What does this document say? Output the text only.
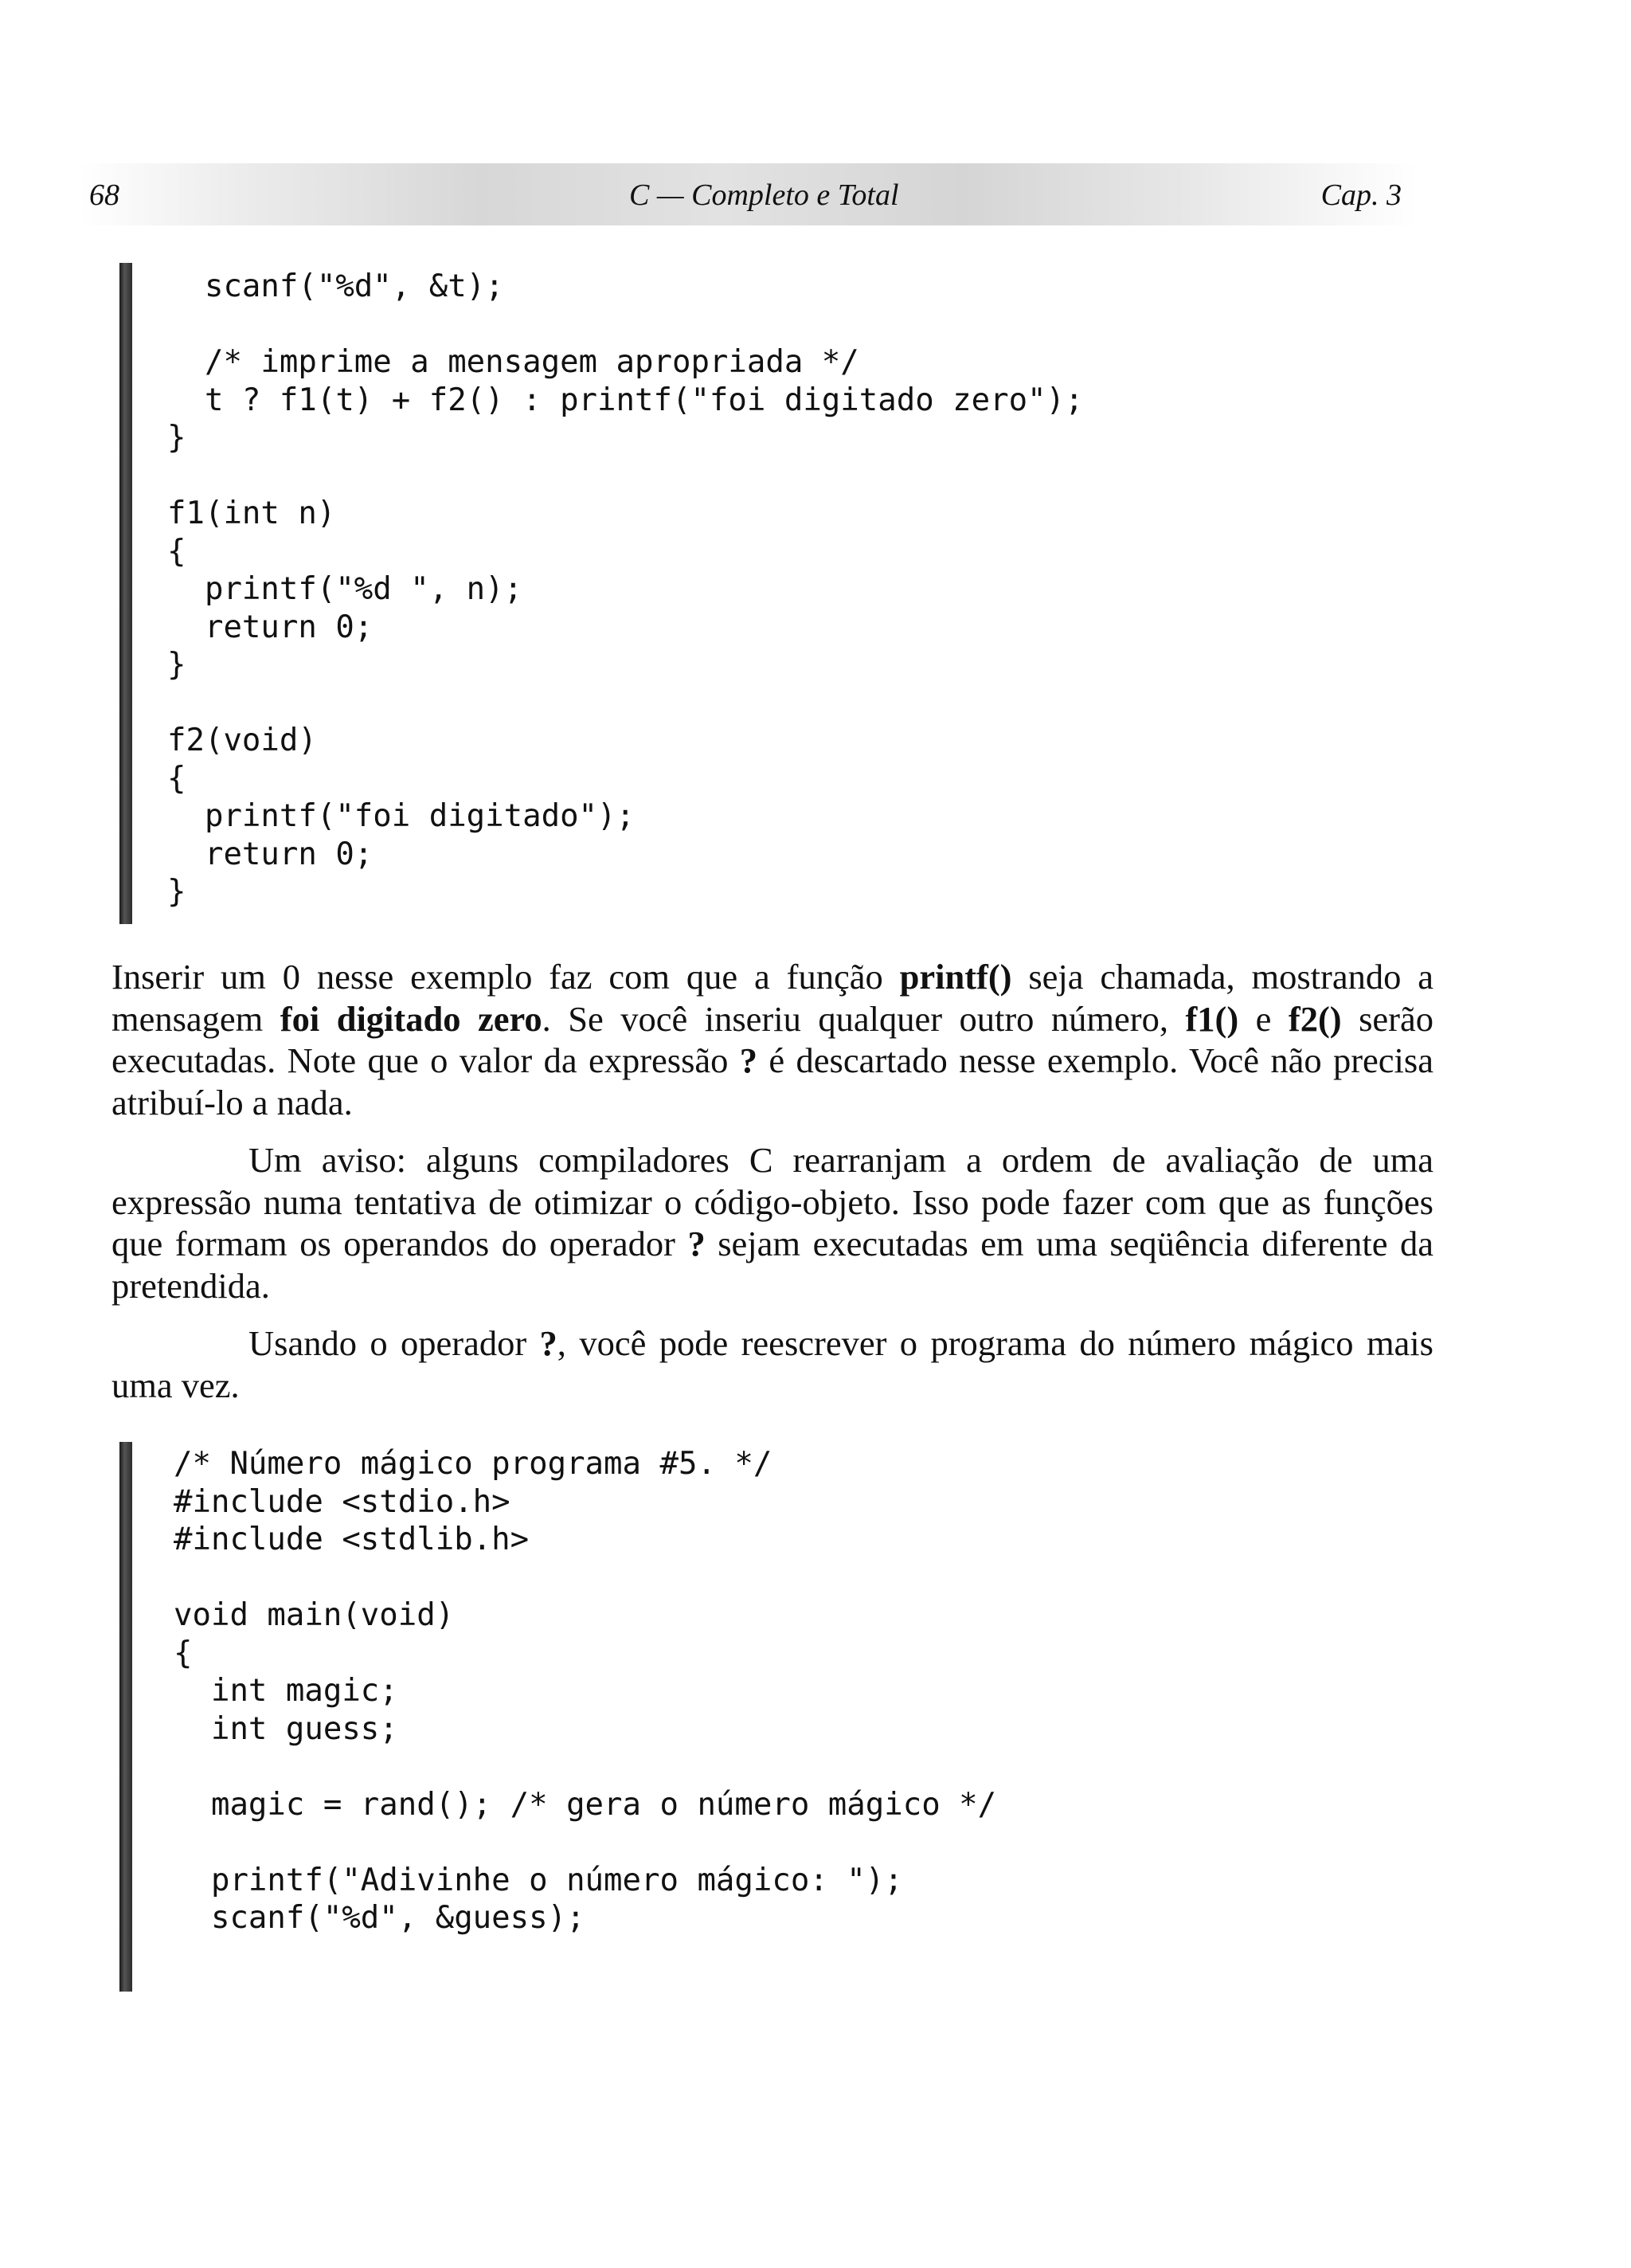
68	C — Completo e Total	Cap. 3
scanf("%d", &t);
/* imprime a mensagem apropriada */
t ? f1(t) + f2() : printf("foi digitado zero");
}
f1(int n)
{
printf("%d ", n);
return 0;
}
f2(void)
{
printf("foi digitado");
return 0;
}

Inserir um 0 nesse exemplo faz com que a função printf() seja chamada, mostrando a mensagem foi digitado zero. Se você inseriu qualquer outro número, f1() e f2() serão executadas. Note que o valor da expressão ? é descartado nesse exemplo. Você não precisa atribuí-lo a nada.

Um aviso: alguns compiladores C rearranjam a ordem de avaliação de uma expressão numa tentativa de otimizar o código-objeto. Isso pode fazer com que as funções que formam os operandos do operador ? sejam executadas em uma seqüência diferente da pretendida.

Usando o operador ?, você pode reescrever o programa do número mágico mais uma vez.

/* Número mágico programa #5. */
#include <stdio.h>
#include <stdlib.h>
void main(void)
{
int magic;
int guess;
magic = rand(); /* gera o número mágico */
printf("Adivinhe o número mágico: ");
scanf("%d", &guess);
